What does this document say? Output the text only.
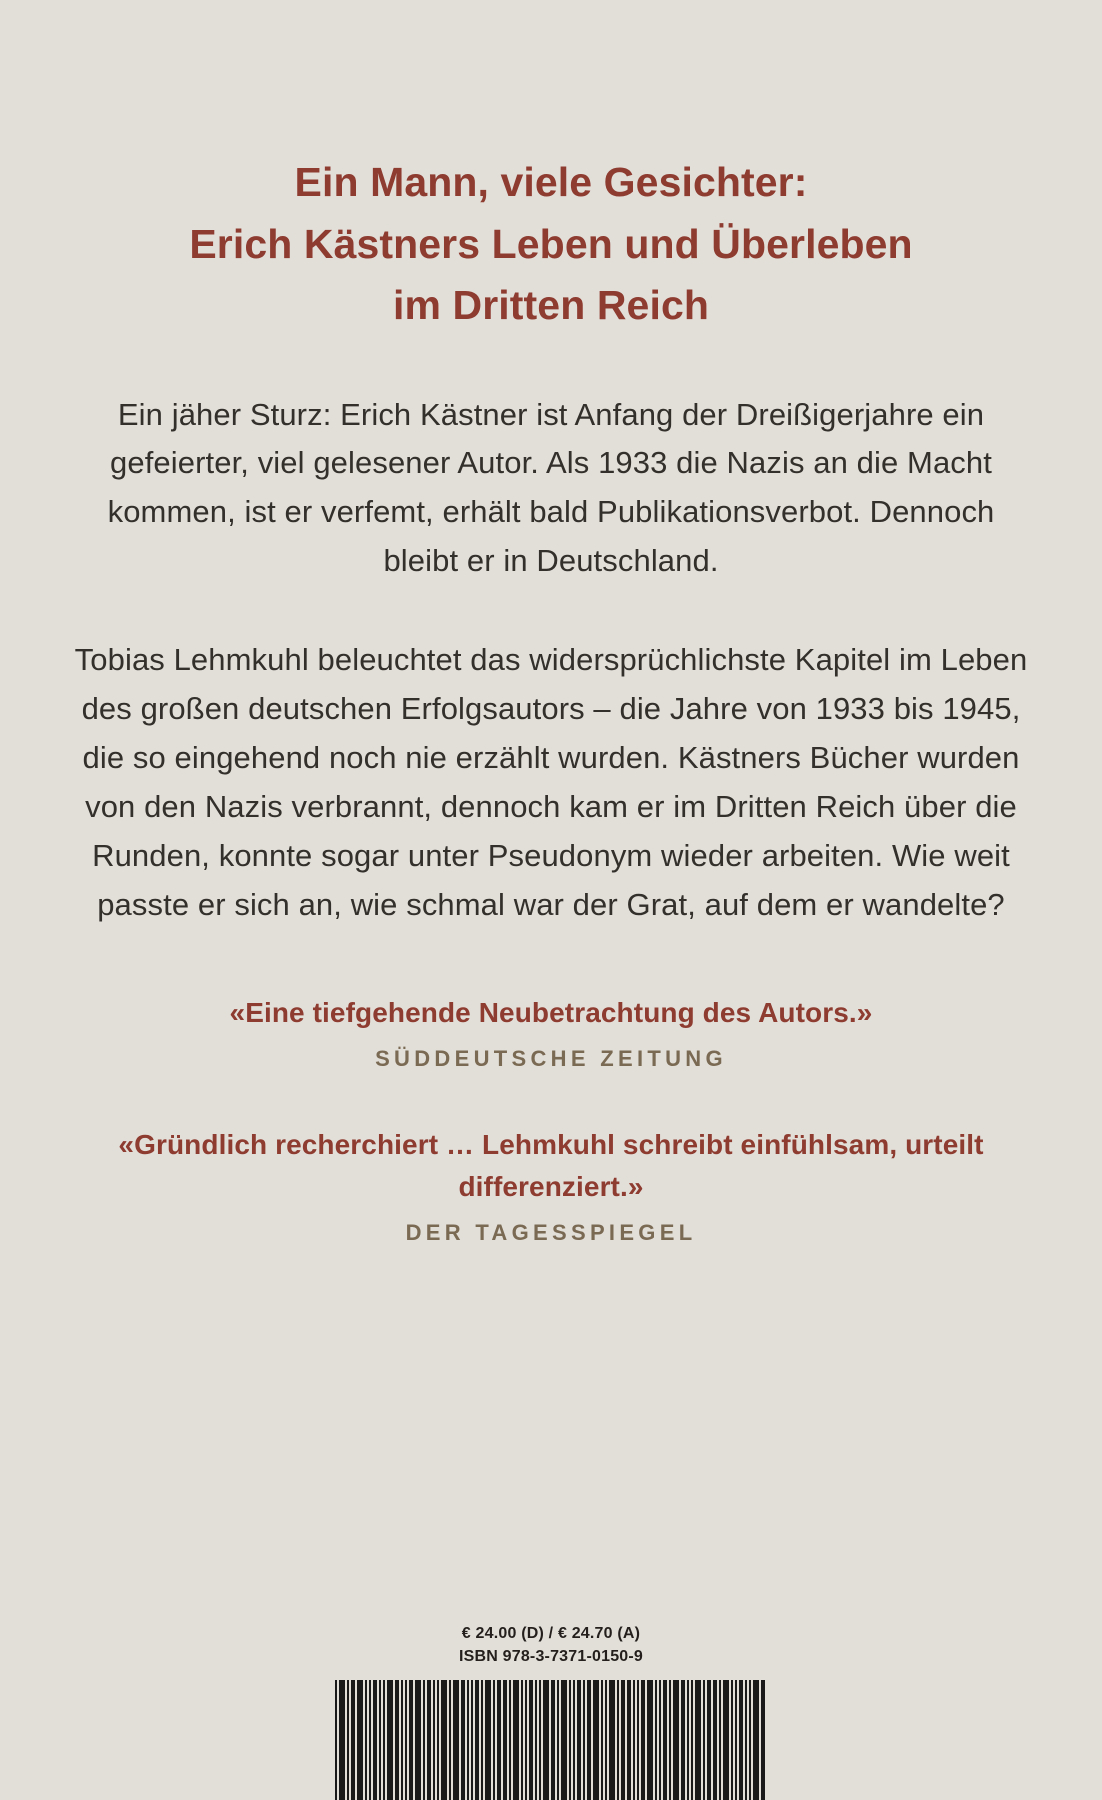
Ein Mann, viele Gesichter:
Erich Kästners Leben und Überleben
im Dritten Reich

Ein jäher Sturz: Erich Kästner ist Anfang der Dreißigerjahre ein gefeierter, viel gelesener Autor. Als 1933 die Nazis an die Macht kommen, ist er verfemt, erhält bald Publikationsverbot. Dennoch bleibt er in Deutschland.

Tobias Lehmkuhl beleuchtet das widersprüchlichste Kapitel im Leben des großen deutschen Erfolgsautors – die Jahre von 1933 bis 1945, die so eingehend noch nie erzählt wurden. Kästners Bücher wurden von den Nazis verbrannt, dennoch kam er im Dritten Reich über die Runden, konnte sogar unter Pseudonym wieder arbeiten. Wie weit passte er sich an, wie schmal war der Grat, auf dem er wandelte?

«Eine tiefgehende Neubetrachtung des Autors.»
SÜDDEUTSCHE ZEITUNG
«Gründlich recherchiert … Lehmkuhl schreibt einfühlsam, urteilt differenziert.»
DER TAGESSPIEGEL
€ 24.00 (D) / € 24.70 (A)
ISBN 978-3-7371-0150-9
